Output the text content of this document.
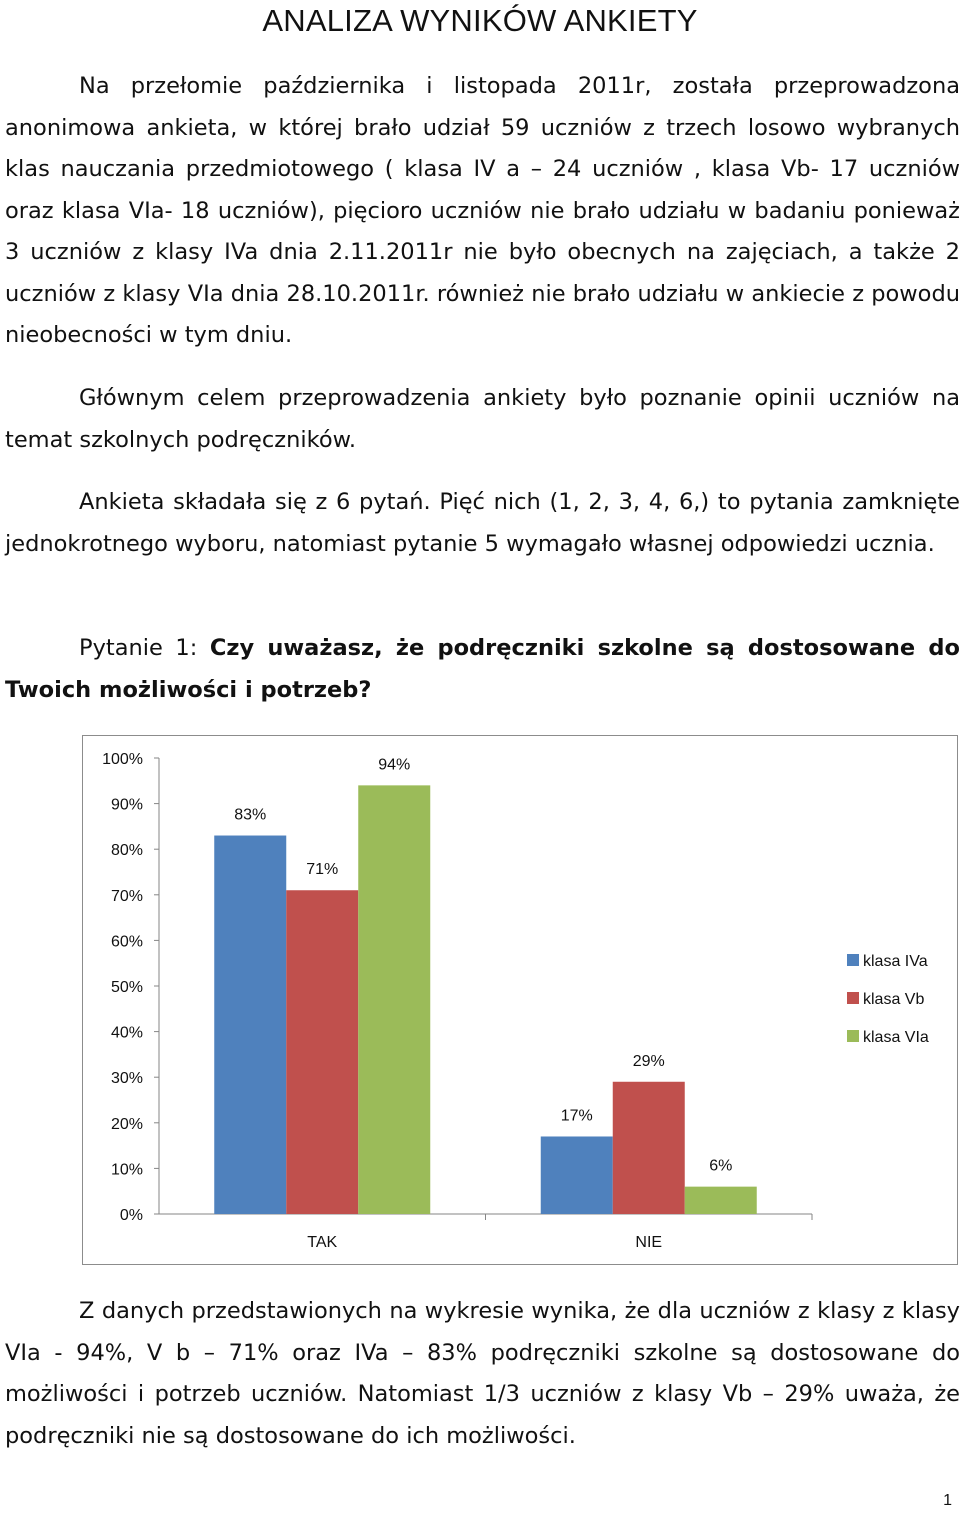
ANALIZA WYNIKÓW ANKIETY

Na przełomie października i listopada 2011r, została przeprowadzona anonimowa ankieta, w której brało udział 59 uczniów z trzech losowo wybranych klas nauczania przedmiotowego ( klasa IV a – 24 uczniów , klasa Vb- 17 uczniów oraz klasa VIa- 18 uczniów), pięcioro uczniów nie brało udziału w badaniu ponieważ 3 uczniów z klasy IVa dnia 2.11.2011r nie było obecnych na zajęciach, a także 2 uczniów z klasy VIa dnia 28.10.2011r. również nie brało udziału w ankiecie z powodu nieobecności w tym dniu.

Głównym celem przeprowadzenia ankiety było poznanie opinii uczniów na temat szkolnych podręczników.

Ankieta składała się z 6 pytań. Pięć nich (1, 2, 3, 4, 6,) to pytania zamknięte jednokrotnego wyboru, natomiast pytanie 5 wymagało własnej odpowiedzi ucznia.

Pytanie 1: Czy uważasz, że podręczniki szkolne są dostosowane do Twoich możliwości i potrzeb?

0%
10%
20%
30%
40%
50%
60%
70%
80%
90%
100%
83%
71%
94%
TAK
17%
29%
6%
NIE
klasa IVa
klasa Vb
klasa VIa

Z danych przedstawionych na wykresie wynika, że dla uczniów z klasy z klasy VIa - 94%, V b – 71% oraz IVa – 83% podręczniki szkolne są dostosowane do możliwości i potrzeb uczniów. Natomiast 1/3 uczniów z klasy Vb – 29% uważa, że podręczniki nie są dostosowane do ich możliwości.

1
